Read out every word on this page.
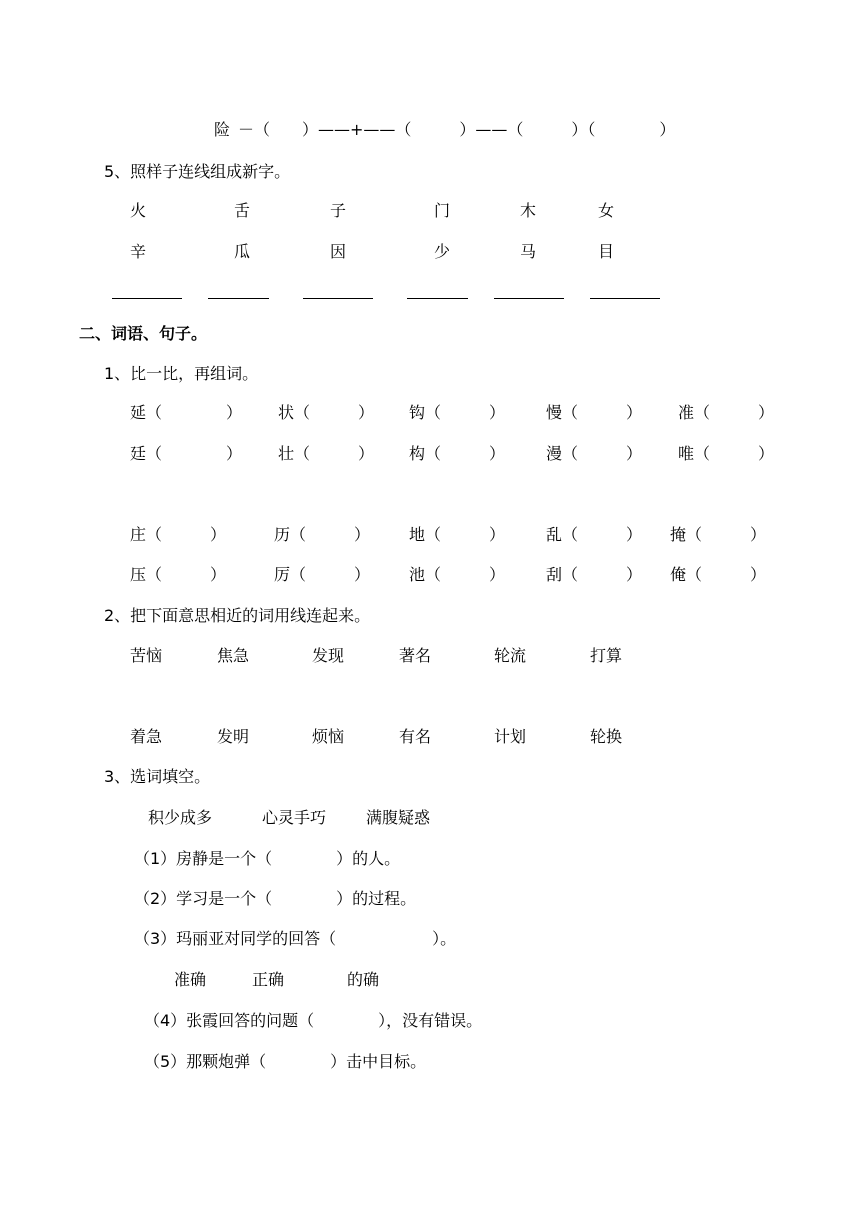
险 －（　　）——+——（　　　）——（　　　）（　　　　）
5、照样子连线组成新字。
火	舌	子	门	木	女
辛	瓜	因	少	马	目
二、词语、句子。
1、比一比，再组词。
延（　　　　） 状（　　　） 钩（　　　）	慢（　　　） 准（　　　）
廷（　　　　） 壮（　　　） 构（　　　）	漫（　　　） 唯（　　　）
庄（　　　）	历（　　　） 地（　　　）	乱（　　　） 掩（　　　）
压（　　　）	厉（　　　） 池（　　　）	刮（　　　） 俺（　　　）
2、把下面意思相近的词用线连起来。
苦恼	焦急	发现	著名	轮流	打算
着急	发明	烦恼	有名	计划	轮换
3、选词填空。
积少成多	心灵手巧 满腹疑惑
（1）房静是一个（　　　　）的人。
（2）学习是一个（　　　　）的过程。
（3）玛丽亚对同学的回答（　　　　　　）。
准确	正确	的确
（4）张霞回答的问题（　　　　），没有错误。
（5）那颗炮弹（　　　　）击中目标。
